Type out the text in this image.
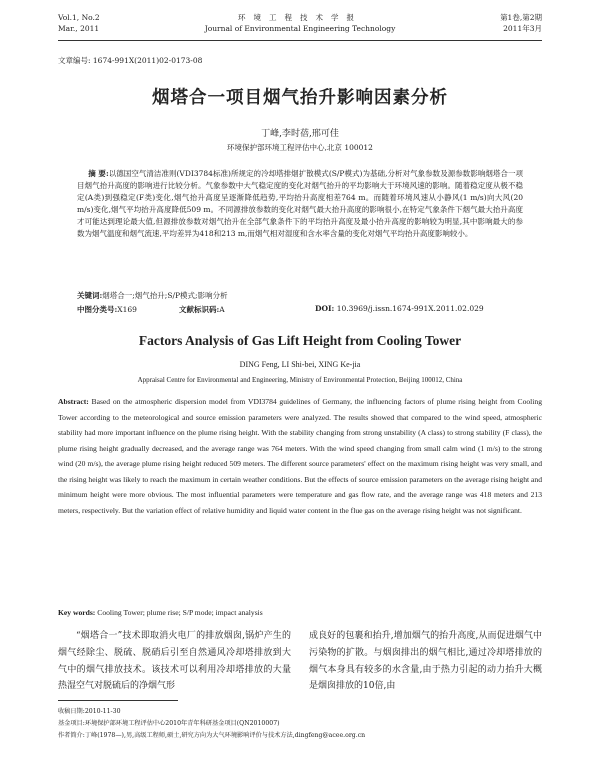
Vol.1, No.2
Mar., 2011
环境工程技术学报
Journal of Environmental Engineering Technology
第1卷,第2期
2011年3月
文章编号: 1674-991X(2011)02-0173-08
烟塔合一项目烟气抬升影响因素分析
丁峰,李时蓓,邢可佳
环境保护部环境工程评估中心,北京 100012
摘 要:以德国空气清洁准则(VDI3784标准)所规定的冷却塔排烟扩散模式(S/P模式)为基础,分析对气象参数及源参数影响烟塔合一项目烟气抬升高度的影响进行比较分析。气象参数中大气稳定度的变化对烟气抬升的平均影响大于环境风速的影响。随着稳定度从极不稳定(A类)到强稳定(F类)变化,烟气抬升高度呈逐渐降低趋势,平均抬升高度相差764 m。而随着环境风速从小静风(1 m/s)向大风(20 m/s)变化,烟气平均抬升高度降低509 m。不同源排放参数的变化对烟气最大抬升高度的影响很小,在特定气象条件下烟气最大抬升高度才可能达到理论最大值,但源排放参数对烟气抬升在全部气象条件下的平均抬升高度及最小抬升高度的影响较为明显,其中影响最大的参数为烟气温度和烟气流速,平均差异为418和213 m,而烟气相对湿度和含水率含量的变化对烟气平均抬升高度影响较小。
关键词:烟塔合一;烟气抬升;S/P模式;影响分析
中图分类号:X169	文献标识码:A	DOI: 10.3969/j.issn.1674-991X.2011.02.029
Factors Analysis of Gas Lift Height from Cooling Tower
DING Feng, LI Shi-bei, XING Ke-jia
Appraisal Centre for Environmental and Engineering, Ministry of Environmental Protection, Beijing 100012, China
Abstract: Based on the atmospheric dispersion model from VDI3784 guidelines of Germany, the influencing factors of plume rising height from Cooling Tower according to the meteorological and source emission parameters were analyzed. The results showed that compared to the wind speed, atmospheric stability had more important influence on the plume rising height. With the stability changing from strong unstability (A class) to strong stability (F class), the plume rising height gradually decreased, and the average range was 764 meters. With the wind speed changing from small calm wind (1 m/s) to the strong wind (20 m/s), the average plume rising height reduced 509 meters. The different source parameters' effect on the maximum rising height was very small, and the rising height was likely to reach the maximum in certain weather conditions. But the effects of source emission parameters on the average rising height and minimum height were more obvious. The most influential parameters were temperature and gas flow rate, and the average range was 418 meters and 213 meters, respectively. But the variation effect of relative humidity and liquid water content in the flue gas on the average rising height was not significant.
Key words: Cooling Tower; plume rise; S/P mode; impact analysis
“烟塔合一”技术即取消火电厂的排放烟囱,锅炉产生的烟气经除尘、脱硫、脱硝后引至自然通风冷却塔排放到大气中的烟气排放技术。该技术可以利用冷却塔排放的大量热湿空气对脱硫后的净烟气形
成良好的包裹和抬升,增加烟气的抬升高度,从而促进烟气中污染物的扩散。与烟囱排出的烟气相比,通过冷却塔排放的烟气本身具有较多的水含量,由于热力引起的动力抬升大概是烟囱排放的10倍,由
收稿日期:2010-11-30
基金项目:环境保护部环境工程评估中心2010年青年科研基金项目(QN2010007)
作者简介:丁峰(1978—),男,高级工程师,硕士,研究方向为大气环境影响评价与技术方法,dingfeng@acee.org.cn
